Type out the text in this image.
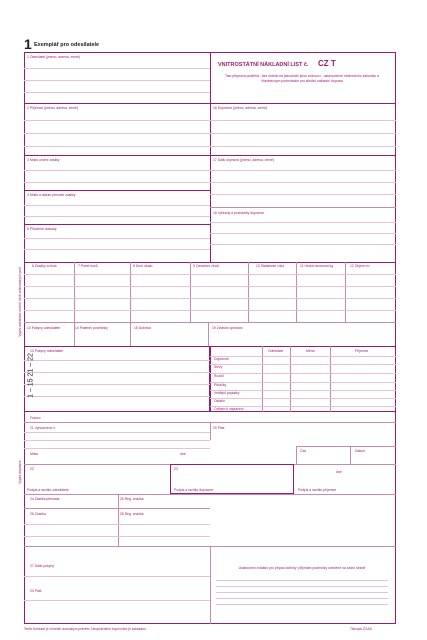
1 Exemplář pro odesílatele
VNITROSTÁTNÍ NÁKLADNÍ LIST č. CZ T
Tato přeprava podléhá - bez ohledu na jakoukoliv jinou smlouvu - ustanovením obchodního zákoníku a Všeobecným podmínkám pro silniční nákladní dopravu
1 Odesílatel (jméno, adresa, země)
2 Příjemce (jméno, adresa, země)
3 Místo určení zásilky
4 Místo a datum převzetí zásilky
5 Přiložené doklady
16 Dopravce (jméno, adresa, země)
17 Další dopravci (jméno, adresa, země)
18 Výhrady a poznámky dopravce
6 Značky a čísla	7 Počet kusů	8 Druh obalu	9 Označení zboží	10 Statistické číslo	11 Hrubá hmotnost kg	12 Objem m³
13 Pokyny odesílatele	14 Platební podmínky	15 Dobírka	19 Zvláštní ujednání
13 Pokyny odesílatele	Odesílatel	Měna	Příjemce
Dopravné
Slevy
Rozdíl
Přirážky
Vedlejší poplatky
Ostatní
Celkem k zaplacení
Franco
21 Vyhotoveno v	20 Platí
Místo	dne
Čas	Datum
22	23
dne
Podpis a razítko odesílatele	Podpis a razítko dopravce	Podpis a razítko příjemce
24 Zásilka převzata	25 Reg. značka
26 Značka	25 Reg. značka
27 Další pokyny
20 Platí
Ustanovení zvláštní pro případ dobírky: přijímám podmínky uvedené na zadní straně
Vyplní odesílatel včetně silně orámovaných polí
1 – 15 21 – 22
Vyplní dopravce
Tento formulář je chráněn autorským právem. Neoprávněné kopírování je zakázáno.	Tiskopis ČSAD
